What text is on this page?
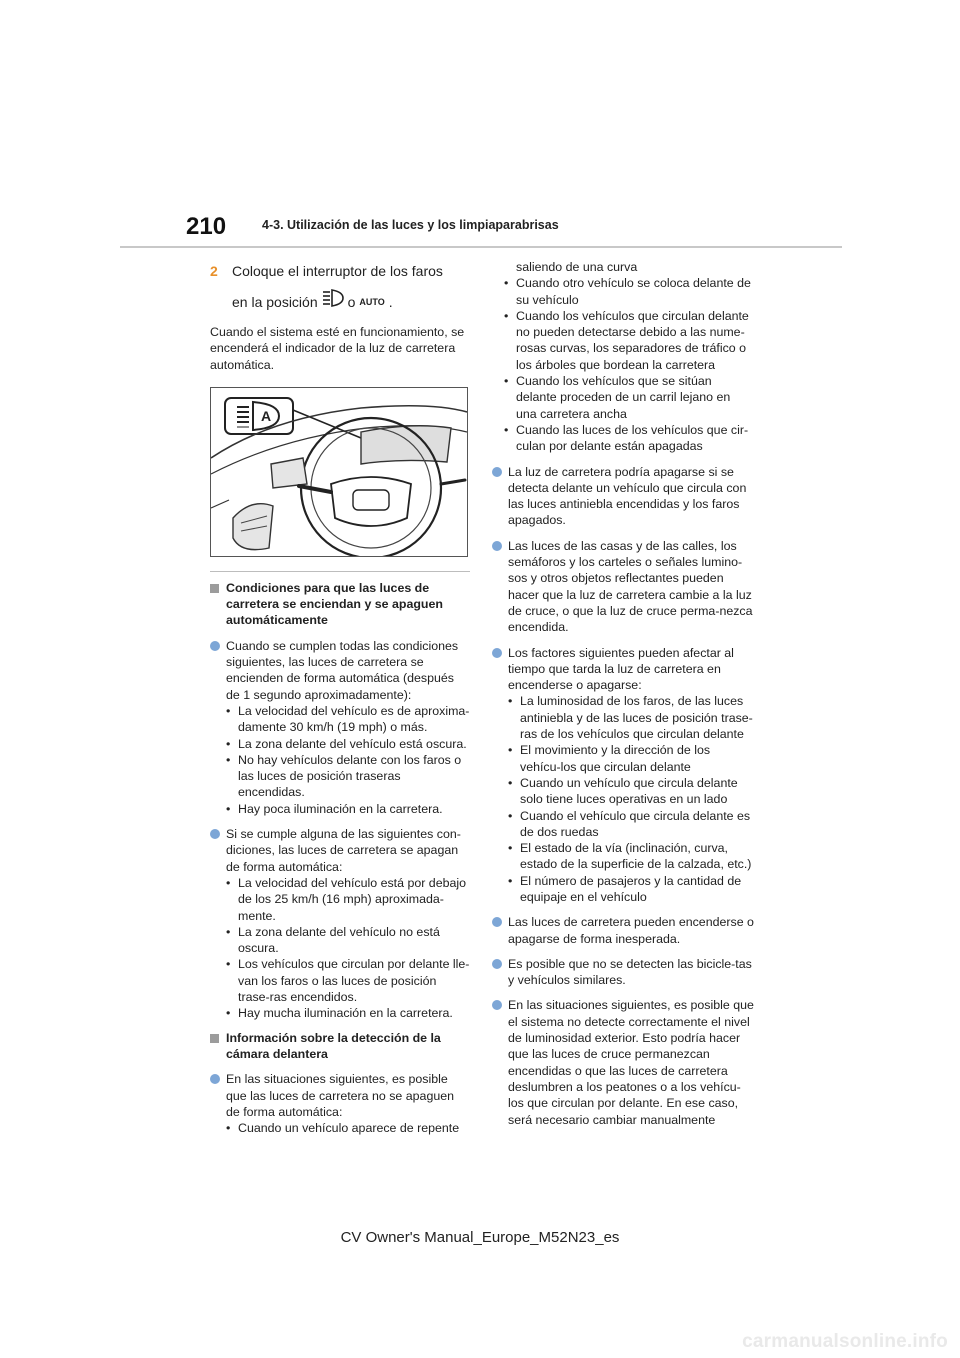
210	4-3. Utilización de las luces y los limpiaparabrisas
2	Coloque el interruptor de los faros
en la posición o AUTO .
Cuando el sistema esté en funcionamiento, se encenderá el indicador de la luz de carretera automática.
A
Condiciones para que las luces de carretera se enciendan y se apaguen automáticamente
Cuando se cumplen todas las condiciones siguientes, las luces de carretera se encienden de forma automática (después de 1 segundo aproximadamente):
• La velocidad del vehículo es de aproxima-damente 30 km/h (19 mph) o más.
• La zona delante del vehículo está oscura.
• No hay vehículos delante con los faros o las luces de posición traseras encendidas.
• Hay poca iluminación en la carretera.
Si se cumple alguna de las siguientes con-diciones, las luces de carretera se apagan de forma automática:
• La velocidad del vehículo está por debajo de los 25 km/h (16 mph) aproximada-mente.
• La zona delante del vehículo no está oscura.
• Los vehículos que circulan por delante lle-van los faros o las luces de posición trase-ras encendidos.
• Hay mucha iluminación en la carretera.
Información sobre la detección de la cámara delantera
En las situaciones siguientes, es posible que las luces de carretera no se apaguen de forma automática:
• Cuando un vehículo aparece de repente
saliendo de una curva
• Cuando otro vehículo se coloca delante de su vehículo
• Cuando los vehículos que circulan delante no pueden detectarse debido a las nume-rosas curvas, los separadores de tráfico o los árboles que bordean la carretera
• Cuando los vehículos que se sitúan delante proceden de un carril lejano en una carretera ancha
• Cuando las luces de los vehículos que cir-culan por delante están apagadas
La luz de carretera podría apagarse si se detecta delante un vehículo que circula con las luces antiniebla encendidas y los faros apagados.
Las luces de las casas y de las calles, los semáforos y los carteles o señales lumino-sos y otros objetos reflectantes pueden hacer que la luz de carretera cambie a la luz de cruce, o que la luz de cruce perma-nezca encendida.
Los factores siguientes pueden afectar al tiempo que tarda la luz de carretera en encenderse o apagarse:
• La luminosidad de los faros, de las luces antiniebla y de las luces de posición trase-ras de los vehículos que circulan delante
• El movimiento y la dirección de los vehícu-los que circulan delante
• Cuando un vehículo que circula delante solo tiene luces operativas en un lado
• Cuando el vehículo que circula delante es de dos ruedas
• El estado de la vía (inclinación, curva, estado de la superficie de la calzada, etc.)
• El número de pasajeros y la cantidad de equipaje en el vehículo
Las luces de carretera pueden encenderse o apagarse de forma inesperada.
Es posible que no se detecten las bicicle-tas y vehículos similares.
En las situaciones siguientes, es posible que el sistema no detecte correctamente el nivel de luminosidad exterior. Esto podría hacer que las luces de cruce permanezcan encendidas o que las luces de carretera deslumbren a los peatones o a los vehícu-los que circulan por delante. En ese caso, será necesario cambiar manualmente
CV Owner's Manual_Europe_M52N23_es
carmanualsonline.info
